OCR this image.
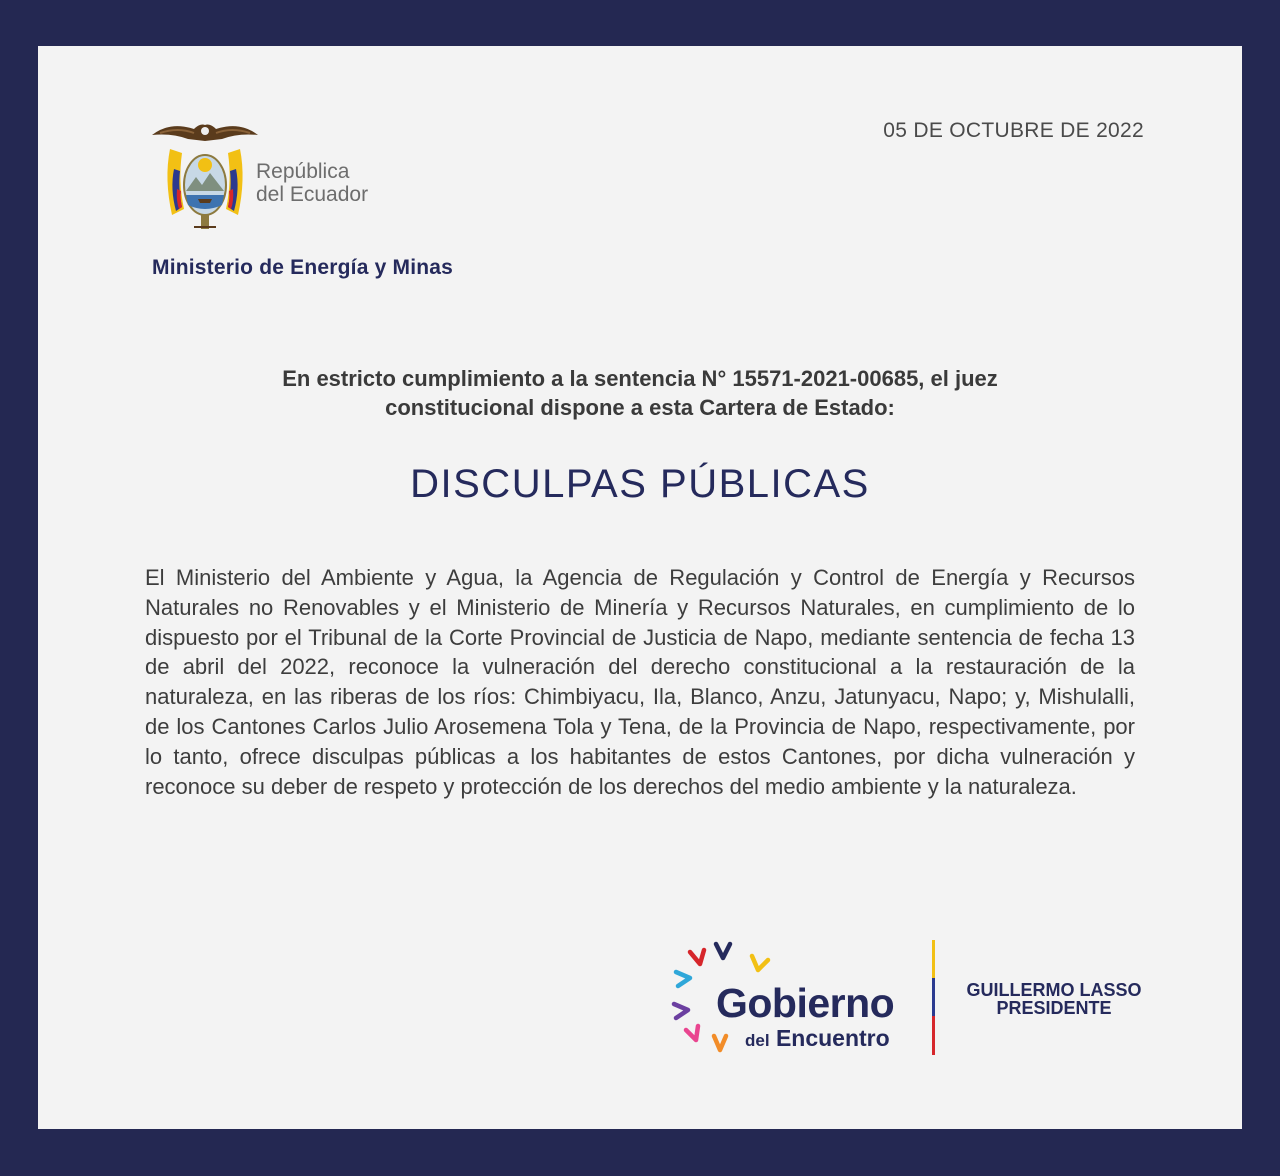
República
del Ecuador
Ministerio de Energía y Minas
05 DE OCTUBRE DE 2022
En estricto cumplimiento a la sentencia N° 15571-2021-00685, el juez
constitucional dispone a esta Cartera de Estado:
DISCULPAS PÚBLICAS
El Ministerio del Ambiente y Agua, la Agencia de Regulación y Control de Energía y Recursos Naturales no Renovables y el Ministerio de Minería y Recursos Naturales, en cumplimiento de lo dispuesto por el Tribunal de la Corte Provincial de Justicia de Napo, mediante sentencia de fecha 13 de abril del 2022, reconoce la vulneración del derecho constitucional a la restauración de la naturaleza, en las riberas de los ríos: Chimbiyacu, Ila, Blanco, Anzu, Jatunyacu, Napo; y, Mishulalli, de los Cantones Carlos Julio Arosemena Tola y Tena, de la Provincia de Napo, respectivamente, por lo tanto, ofrece disculpas públicas a los habitantes de estos Cantones, por dicha vulneración y reconoce su deber de respeto y protección de los derechos del medio ambiente y la naturaleza.
Gobierno
del Encuentro
GUILLERMO LASSO
PRESIDENTE
